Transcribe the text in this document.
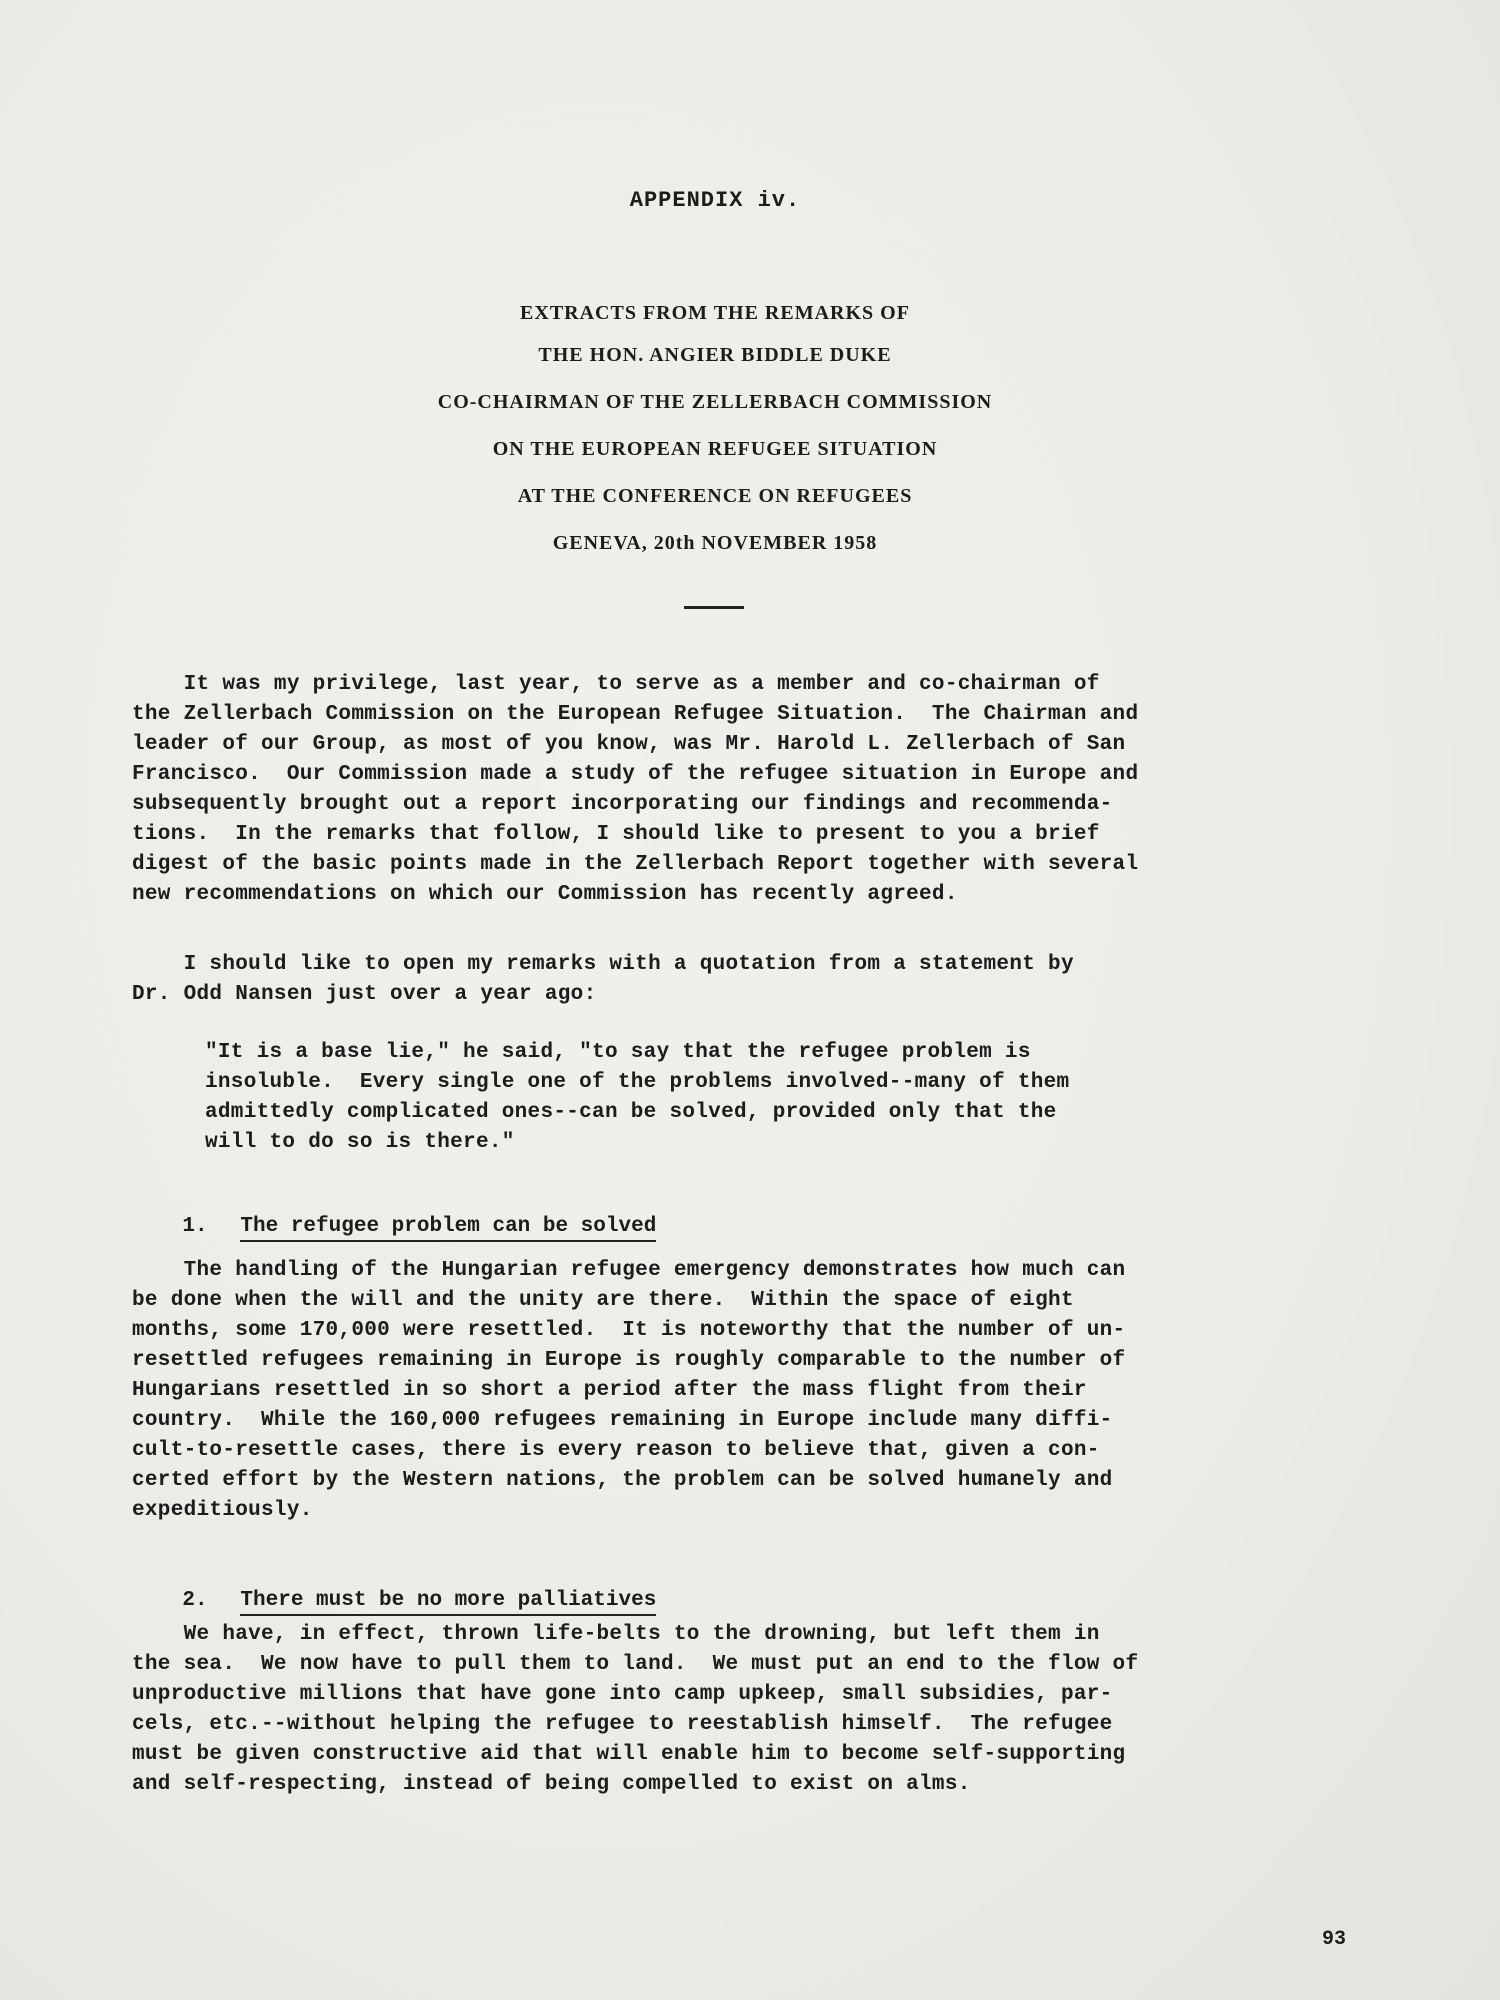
APPENDIX iv.
EXTRACTS FROM THE REMARKS OF
THE HON. ANGIER BIDDLE DUKE
CO-CHAIRMAN OF THE ZELLERBACH COMMISSION
ON THE EUROPEAN REFUGEE SITUATION
AT THE CONFERENCE ON REFUGEES
GENEVA, 20th NOVEMBER 1958
It was my privilege, last year, to serve as a member and co-chairman of
the Zellerbach Commission on the European Refugee Situation.  The Chairman and
leader of our Group, as most of you know, was Mr. Harold L. Zellerbach of San
Francisco.  Our Commission made a study of the refugee situation in Europe and
subsequently brought out a report incorporating our findings and recommenda-
tions.  In the remarks that follow, I should like to present to you a brief
digest of the basic points made in the Zellerbach Report together with several
new recommendations on which our Commission has recently agreed.
I should like to open my remarks with a quotation from a statement by
Dr. Odd Nansen just over a year ago:
"It is a base lie," he said, "to say that the refugee problem is
insoluble.  Every single one of the problems involved--many of them
admittedly complicated ones--can be solved, provided only that the
will to do so is there."

1. The refugee problem can be solved

The handling of the Hungarian refugee emergency demonstrates how much can
be done when the will and the unity are there.  Within the space of eight
months, some 170,000 were resettled.  It is noteworthy that the number of un-
resettled refugees remaining in Europe is roughly comparable to the number of
Hungarians resettled in so short a period after the mass flight from their
country.  While the 160,000 refugees remaining in Europe include many diffi-
cult-to-resettle cases, there is every reason to believe that, given a con-
certed effort by the Western nations, the problem can be solved humanely and
expeditiously.

2. There must be no more palliatives

We have, in effect, thrown life-belts to the drowning, but left them in
the sea.  We now have to pull them to land.  We must put an end to the flow of
unproductive millions that have gone into camp upkeep, small subsidies, par-
cels, etc.--without helping the refugee to reestablish himself.  The refugee
must be given constructive aid that will enable him to become self-supporting
and self-respecting, instead of being compelled to exist on alms.
93
